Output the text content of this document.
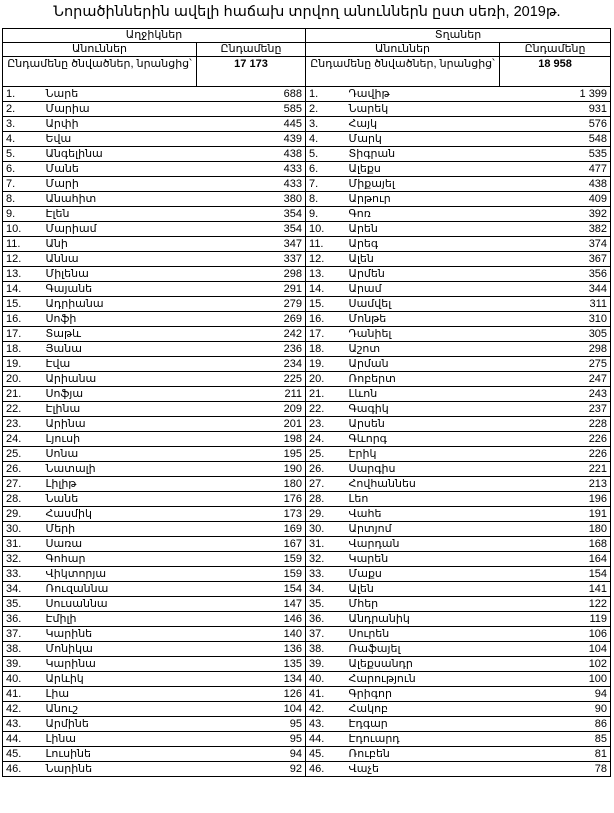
Նորածիններին ավելի հաճախ տրվող անուններն ըստ սեռի, 2019թ.
Աղջիկներ			Տղաներ		
Անուններ		Ընդամենը	Անուններ		Ընդամենը
Ընդամենը ծնվածներ, նրանցից՝		17 173	Ընդամենը ծնվածներ, նրանցից՝		18 958
1.	Նարե	688	1.	Դավիթ	1 399
2.	Մարիա	585	2.	Նարեկ	931
3.	Արփի	445	3.	Հայկ	576
4.	Եվա	439	4.	Մարկ	548
5.	Անգելինա	438	5.	Տիգրան	535
6.	Մանե	433	6.	Ալեքս	477
7.	Մարի	433	7.	Միքայել	438
8.	Անահիտ	380	8.	Արթուր	409
9.	Էլեն	354	9.	Գոռ	392
10.	Մարիամ	354	10.	Արեն	382
11.	Անի	347	11.	Արեգ	374
12.	Աննա	337	12.	Ալեն	367
13.	Միլենա	298	13.	Արմեն	356
14.	Գայանե	291	14.	Արամ	344
15.	Ադրիանա	279	15.	Սամվել	311
16.	Սոֆի	269	16.	Մոնթե	310
17.	Տաթև	242	17.	Դանիել	305
18.	Յանա	236	18.	Աշոտ	298
19.	Էվա	234	19.	Արման	275
20.	Արիանա	225	20.	Ռոբերտ	247
21.	Սոֆյա	211	21.	Լևոն	243
22.	Էլինա	209	22.	Գագիկ	237
23.	Արինա	201	23.	Արսեն	228
24.	Լյուսի	198	24.	Գևորգ	226
25.	Սոնա	195	25.	Էրիկ	226
26.	Նատալի	190	26.	Սարգիս	221
27.	Լիլիթ	180	27.	Հովհաննես	213
28.	Նանե	176	28.	Լեո	196
29.	Հասմիկ	173	29.	Վահե	191
30.	Մերի	169	30.	Արտյոմ	180
31.	Սառա	167	31.	Վարդան	168
32.	Գոհար	159	32.	Կարեն	164
33.	Վիկտորյա	159	33.	Մաքս	154
34.	Ռուզաննա	154	34.	Ալեն	141
35.	Սուսաննա	147	35.	Մհեր	122
36.	Էմիլի	146	36.	Անդրանիկ	119
37.	Կարինե	140	37.	Սուրեն	106
38.	Մոնիկա	136	38.	Ռաֆայել	104
39.	Կարինա	135	39.	Ալեքսանդր	102
40.	Արևիկ	134	40.	Հարություն	100
41.	Լիա	126	41.	Գրիգոր	94
42.	Անուշ	104	42.	Հակոբ	90
43.	Արմինե	95	43.	Էդգար	86
44.	Լինա	95	44.	Էդուարդ	85
45.	Լուսինե	94	45.	Ռուբեն	81
46.	Նարինե	92	46.	Վաչե	78
